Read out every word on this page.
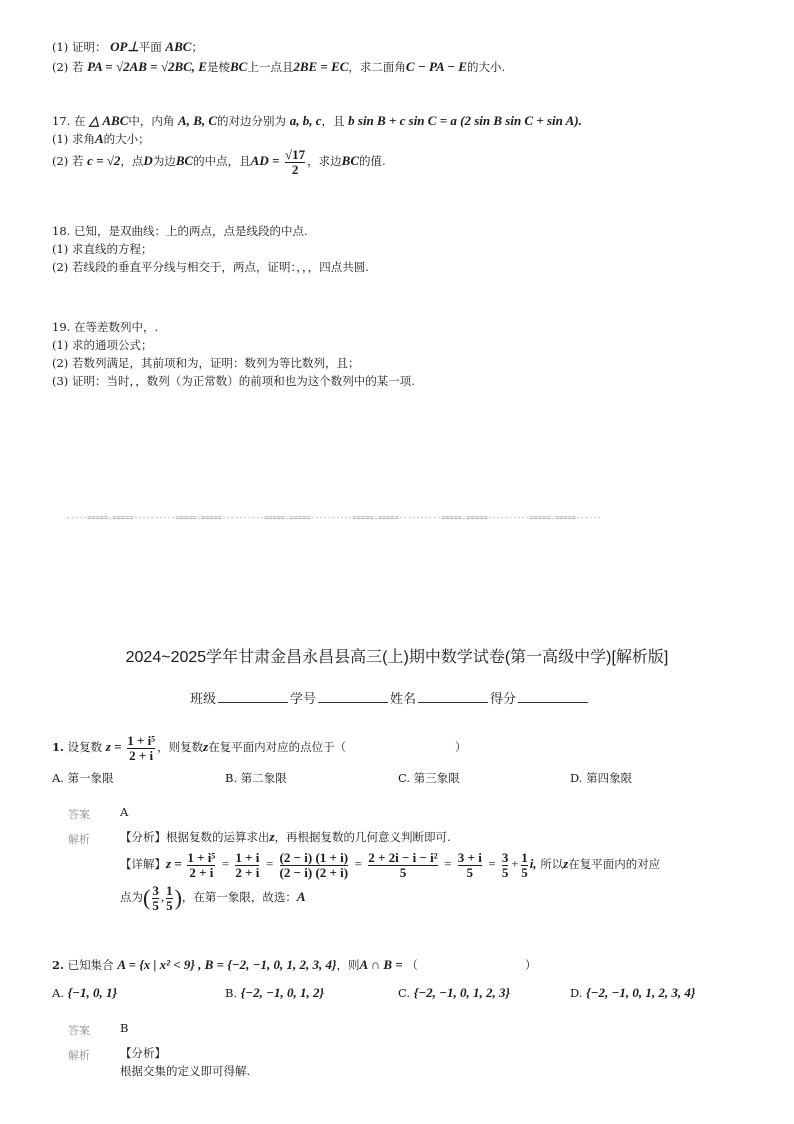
(1) 证明： OP⊥平面 ABC；
(2) 若 PA = √2AB = √2BC, E是棱BC上一点且2BE = EC，求二面角C − PA − E的大小.
17. 在 △ ABC中，内角 A, B, C的对边分别为 a, b, c，且 b sin B + c sin C = a (2 sin B sin C + sin A).
(1) 求角A的大小；
(2) 若 c = √2，点D为边BC的中点，且AD = $\frac{√17}{2}$ ，求边BC的值.
18. 已知，是双曲线：上的两点，点是线段的中点.
(1) 求直线的方程；
(2) 若线段的垂直平分线与相交于，两点，证明：，，，四点共圆.
19. 在等差数列中，.
(1) 求的通项公式；
(2) 若数列满足，其前项和为，证明：数列为等比数列，且；
(3) 证明：当时，，数列（为正常数）的前项和也为这个数列中的某一项.
-----=====☆=====----------=====☆=====----------=====☆=====----------=====☆=====----------=====☆=====----------=====☆=====------
2024~2025学年甘肃金昌永昌县高三(上)期中数学试卷(第一高级中学)[解析版]
班级	学号	姓名	得分
1. 设复数 $z = \frac{\text{1 + i⁵}}{2 + i}$ ，则复数z在复平面内对应的点位于（	）
A. 第一象限	B. 第二象限	C. 第三象限	D. 第四象限
答案	A
解析	【分析】根据复数的运算求出z，再根据复数的几何意义判断即可.
【详解】$z = \frac{\text{1 + i⁵}}{2 + i} = \frac{1 + i}{2 + i} = \frac{(2 - i) (1 + i)}{(2 - i) (2 + i)} = \frac{\text{2 + 2i − i − i²}}{5} = \frac{3 + i}{5} = \frac{3}{5} + \frac{1}{5} i$, 所以z在复平面内的对应
点为( $\frac{3}{5}$ , $\frac{1}{5}$ )，在第一象限，故选：A
2. 已知集合 A = {x | x² < 9} , B = {−2, −1, 0, 1, 2, 3, 4}，则A ∩ B = （	）
A. {−1, 0, 1}	B. {−2, −1, 0, 1, 2}	C. {−2, −1, 0, 1, 2, 3}	D. {−2, −1, 0, 1, 2, 3, 4}
答案	B
解析	【分析】
根据交集的定义即可得解.
